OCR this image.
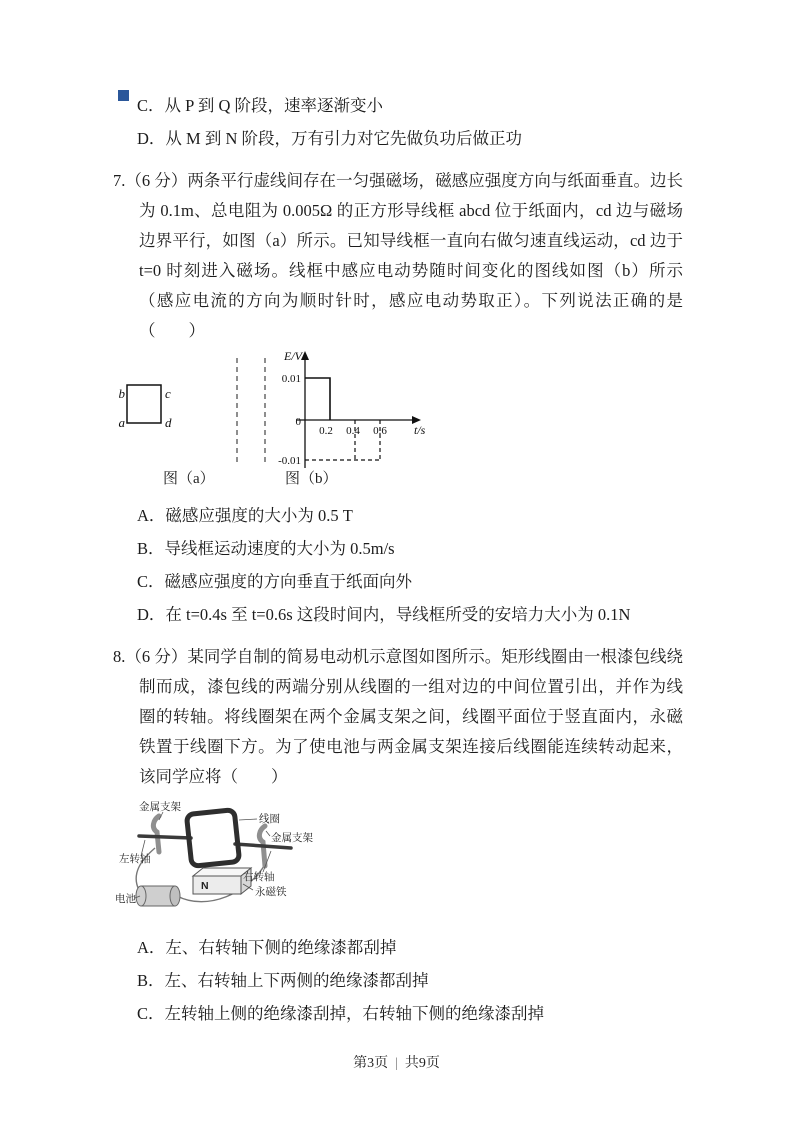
C．从 P 到 Q 阶段，速率逐渐变小
D．从 M 到 N 阶段，万有引力对它先做负功后做正功

7.（6 分）两条平行虚线间存在一匀强磁场，磁感应强度方向与纸面垂直。边长为 0.1m、总电阻为 0.005Ω 的正方形导线框 abcd 位于纸面内，cd 边与磁场边界平行，如图（a）所示。已知导线框一直向右做匀速直线运动，cd 边于 t=0 时刻进入磁场。线框中感应电动势随时间变化的图线如图（b）所示（感应电流的方向为顺时针时，感应电动势取正）。下列说法正确的是（　　）

b	c
a	d
E/V
t/s
0.01
0
-0.01
0.2 0.4 0.6
图（a）	图（b）
A．磁感应强度的大小为 0.5 T
B．导线框运动速度的大小为 0.5m/s
C．磁感应强度的方向垂直于纸面向外
D．在 t=0.4s 至 t=0.6s 这段时间内，导线框所受的安培力大小为 0.1N

8.（6 分）某同学自制的简易电动机示意图如图所示。矩形线圈由一根漆包线绕制而成，漆包线的两端分别从线圈的一组对边的中间位置引出，并作为线圈的转轴。将线圈架在两个金属支架之间，线圈平面位于竖直面内，永磁铁置于线圈下方。为了使电池与两金属支架连接后线圈能连续转动起来，该同学应将（　　）

N
金属支架
线圈
金属支架
左转轴
右转轴
电池
永磁铁
A．左、右转轴下侧的绝缘漆都刮掉
B．左、右转轴上下两侧的绝缘漆都刮掉
C．左转轴上侧的绝缘漆刮掉，右转轴下侧的绝缘漆刮掉
第3页 | 共9页
